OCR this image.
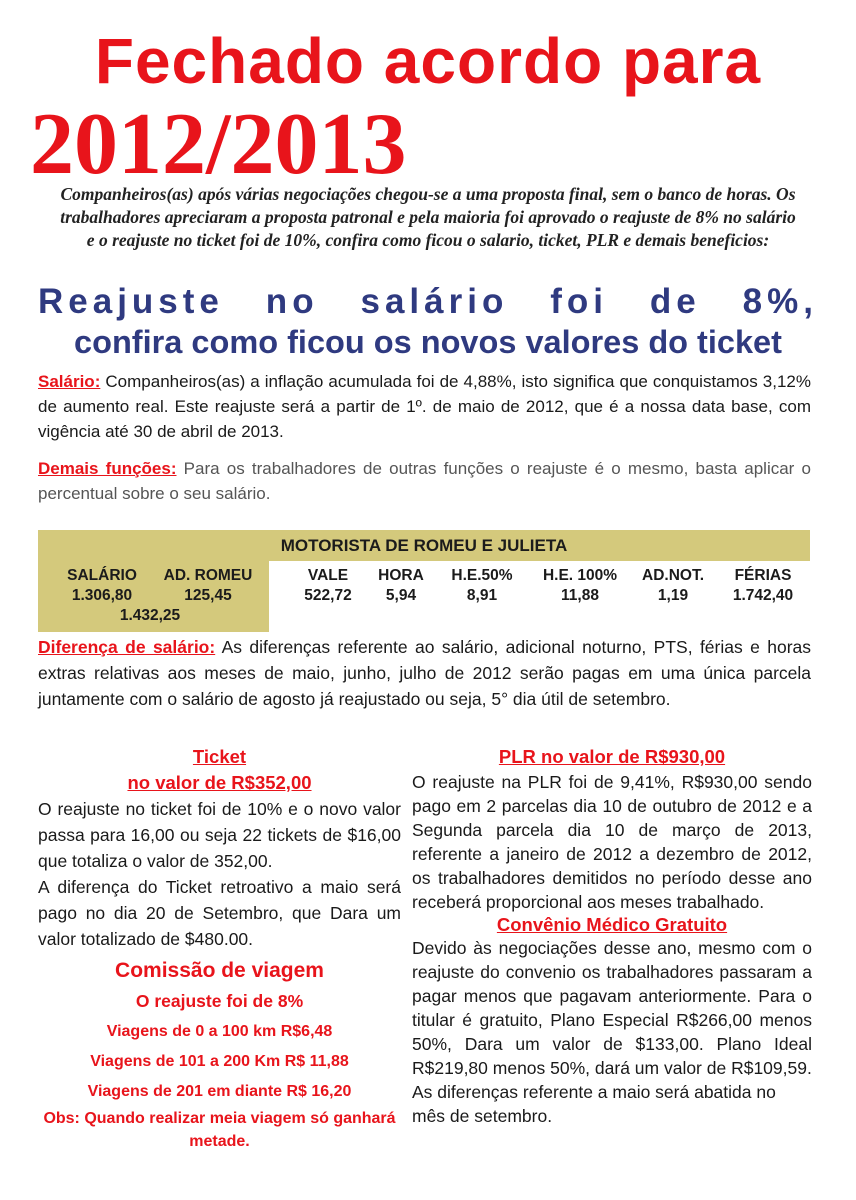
Fechado acordo para
2012/2013
Companheiros(as) após várias negociações chegou-se a uma proposta final, sem o banco de horas. Os trabalhadores apreciaram a proposta patronal e pela maioria foi aprovado o reajuste de 8% no salário e o reajuste no ticket foi de 10%, confira como ficou o salario, ticket, PLR e demais beneficios:
Reajuste no salário foi de 8%,
confira como ficou os novos valores do ticket
Salário: Companheiros(as) a inflação acumulada foi de 4,88%, isto significa que conquistamos 3,12% de aumento real. Este reajuste será a partir de 1º. de maio de 2012, que é a nossa data base, com vigência até 30 de abril de 2013.
Demais funções: Para os trabalhadores de outras funções o reajuste é o mesmo, basta aplicar o percentual sobre o seu salário.
MOTORISTA DE ROMEU E JULIETA
SALÁRIO
1.306,80
AD. ROMEU
125,45
1.432,25
VALE
522,72
HORA
5,94
H.E.50%
8,91
H.E. 100%
11,88
AD.NOT.
1,19
FÉRIAS
1.742,40
Diferença de salário: As diferenças referente ao salário, adicional noturno, PTS, férias e horas extras relativas aos meses de maio, junho, julho de 2012 serão pagas em uma única parcela juntamente com o salário de agosto já reajustado ou seja, 5° dia útil de setembro.
Ticket
no valor de R$352,00
O reajuste no ticket foi de 10% e o novo valor passa para 16,00 ou seja 22 tickets de $16,00 que totaliza o valor de 352,00.
A diferença do Ticket retroativo a maio será pago no dia 20 de Setembro, que Dara um valor totalizado de $480.00.
Comissão de viagem
O reajuste foi de 8%
Viagens de 0 a 100 km R$6,48
Viagens de 101 a 200 Km R$ 11,88
Viagens de 201 em diante R$ 16,20
Obs: Quando realizar meia viagem só ganhará metade.
PLR no valor de R$930,00
O reajuste na PLR foi de 9,41%, R$930,00 sendo pago em 2 parcelas dia 10 de outubro de 2012 e a Segunda parcela dia 10 de março de 2013, referente a janeiro de 2012 a dezembro de 2012, os trabalhadores demitidos no período desse ano receberá proporcional aos meses trabalhado.
Convênio Médico Gratuito
Devido às negociações desse ano, mesmo com o reajuste do convenio os trabalhadores passaram a pagar menos que pagavam anteriormente. Para o titular é gratuito, Plano Especial R$266,00 menos 50%, Dara um valor de $133,00. Plano Ideal R$219,80 menos 50%, dará um valor de R$109,59.
As diferenças referente a maio será abatida no mês de setembro.
